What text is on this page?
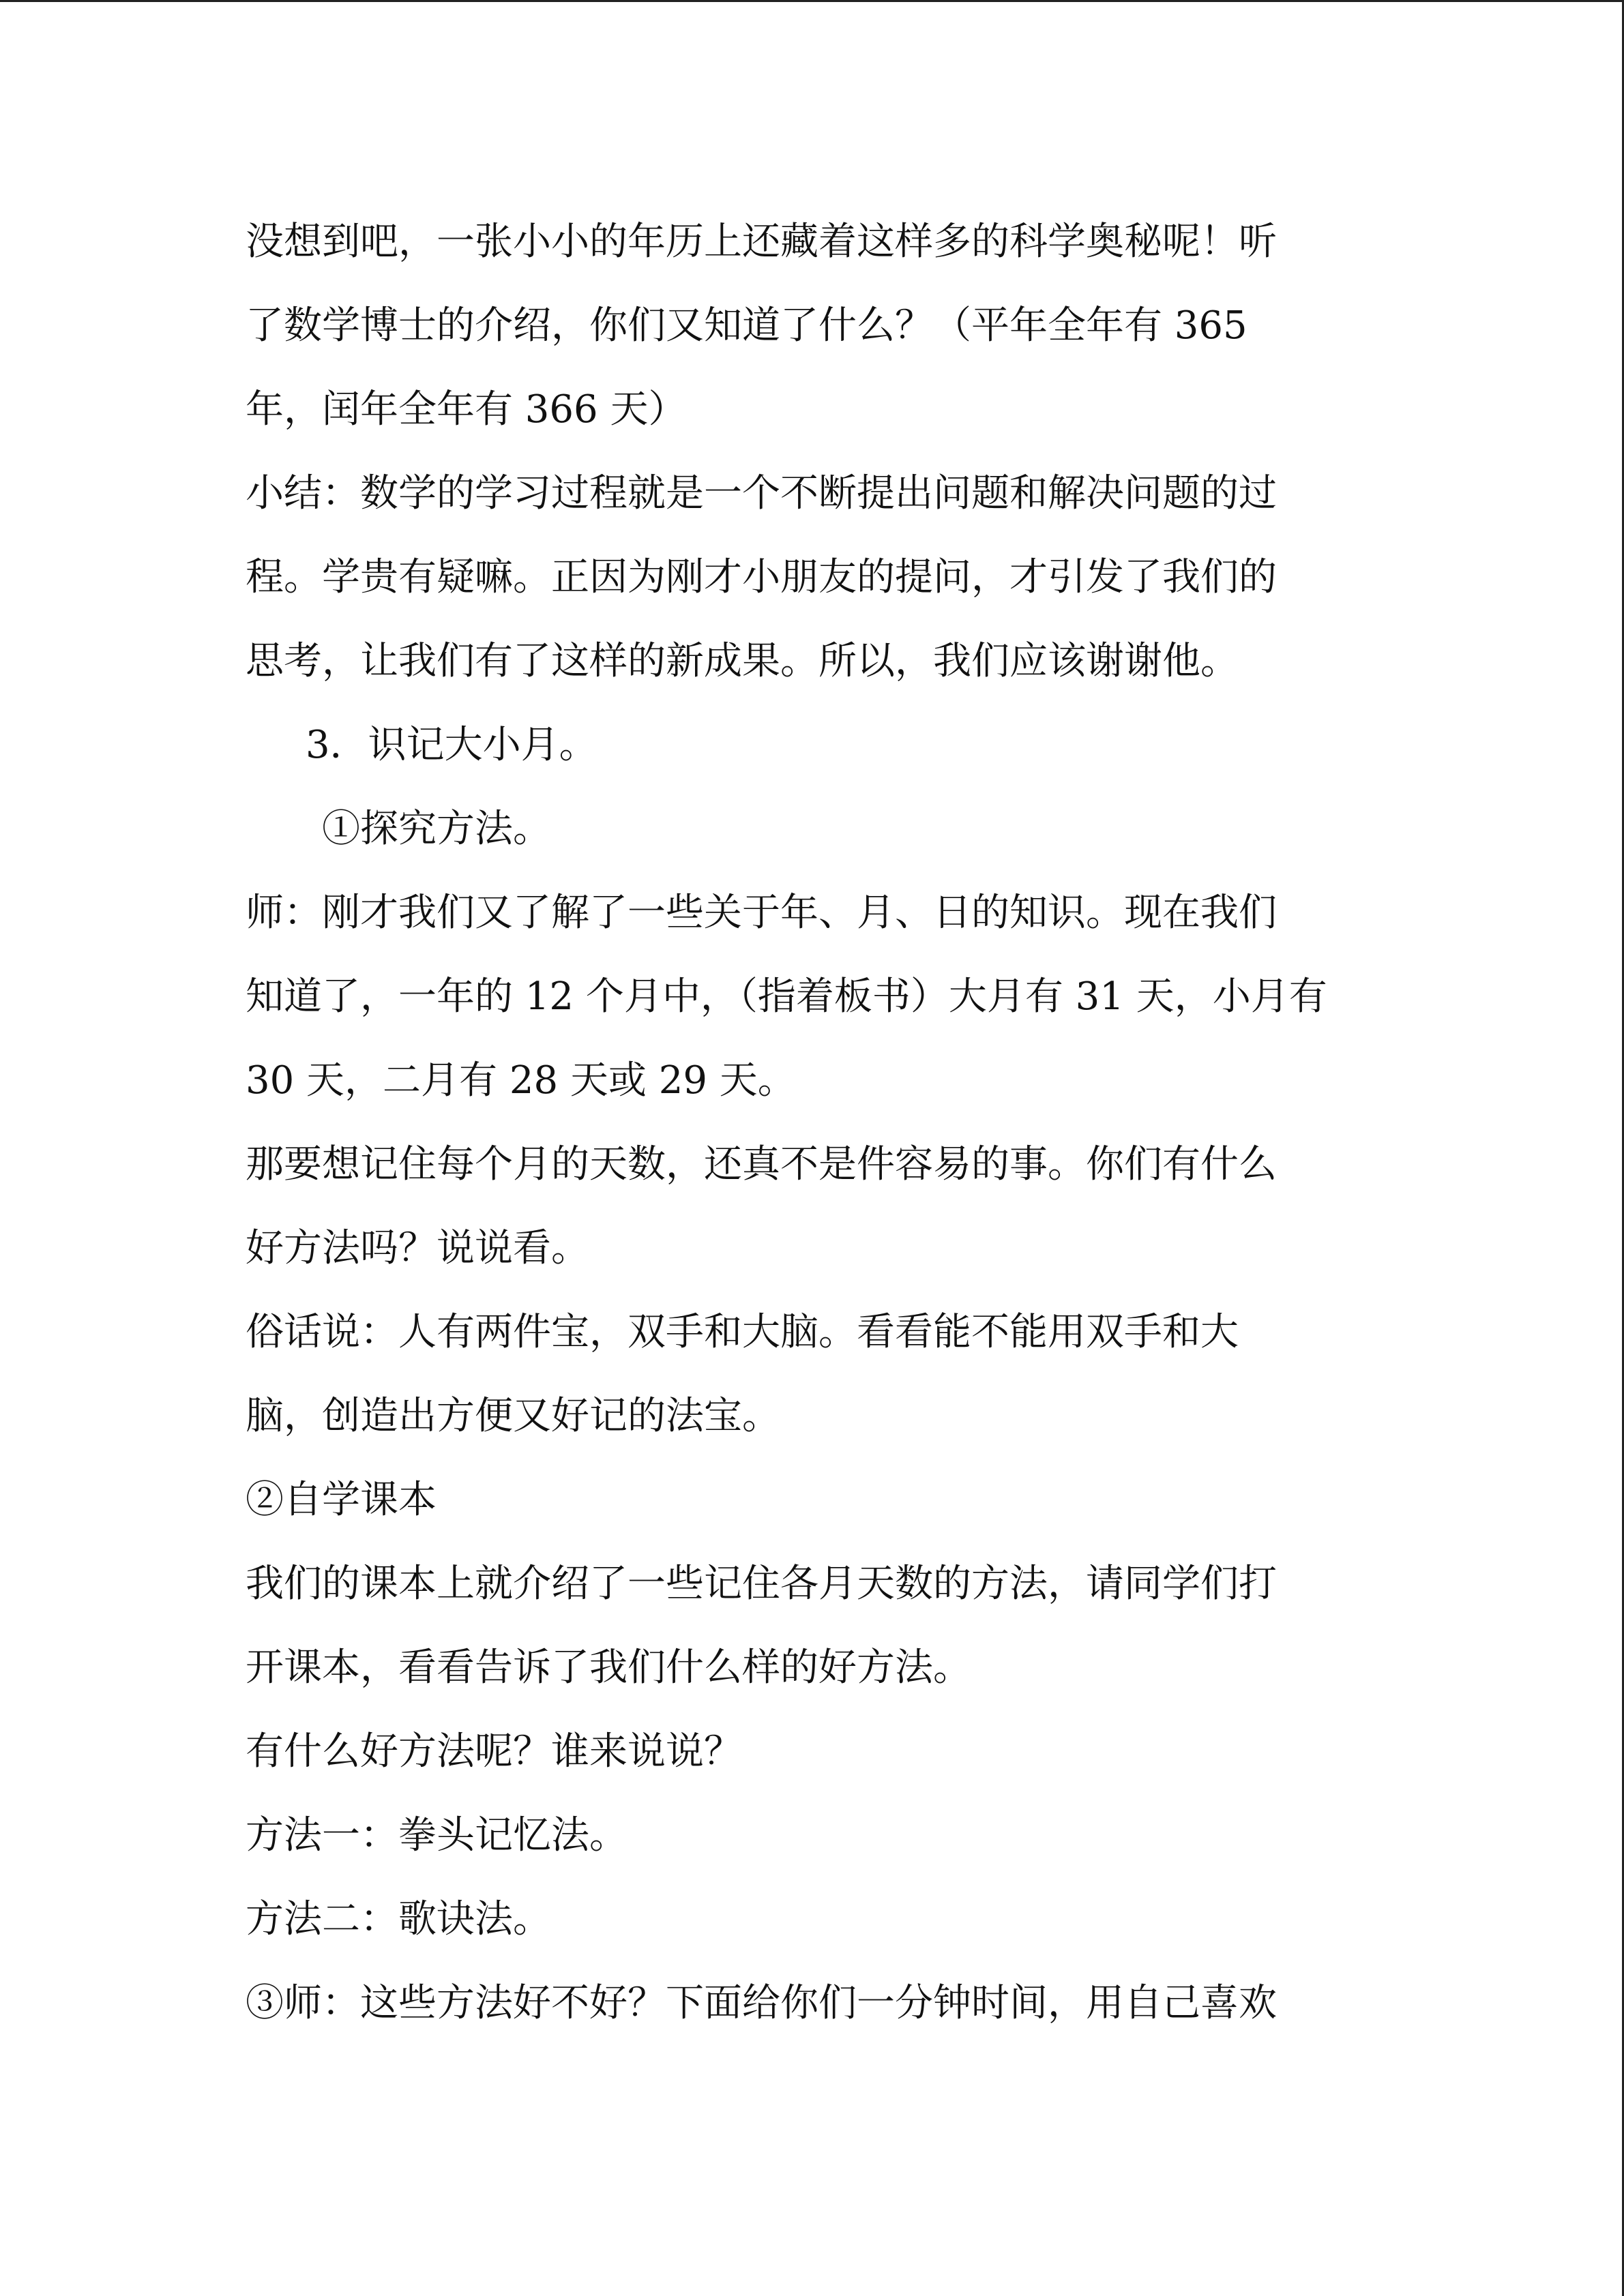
没想到吧，一张小小的年历上还藏着这样多的科学奥秘呢！听

了数学博士的介绍，你们又知道了什么？（平年全年有 365

年，闰年全年有 366 天）

小结：数学的学习过程就是一个不断提出问题和解决问题的过

程。学贵有疑嘛。正因为刚才小朋友的提问，才引发了我们的

思考，让我们有了这样的新成果。所以，我们应该谢谢他。

3．识记大小月。

①探究方法。

师：刚才我们又了解了一些关于年、月、日的知识。现在我们

知道了，一年的 12 个月中，（指着板书）大月有 31 天，小月有

30 天，二月有 28 天或 29 天。

那要想记住每个月的天数，还真不是件容易的事。你们有什么

好方法吗？说说看。

俗话说：人有两件宝，双手和大脑。看看能不能用双手和大

脑，创造出方便又好记的法宝。

②自学课本

我们的课本上就介绍了一些记住各月天数的方法，请同学们打

开课本，看看告诉了我们什么样的好方法。

有什么好方法呢？谁来说说？

方法一：拳头记忆法。

方法二：歌诀法。

③师：这些方法好不好？下面给你们一分钟时间，用自己喜欢
